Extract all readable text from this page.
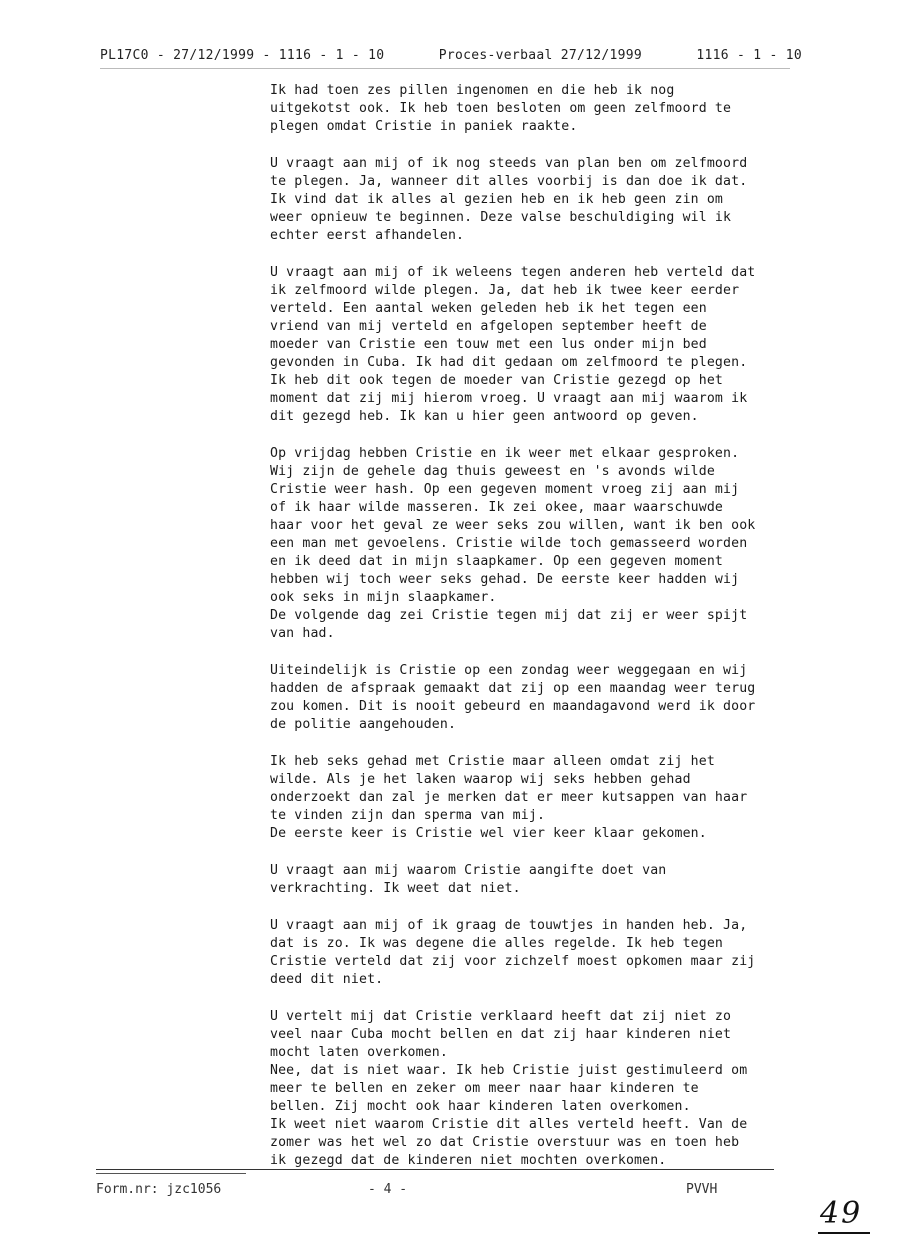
PL17C0 - 27/12/1999 - 1116 - 1 - 10	Proces-verbaal 27/12/1999	1116 - 1 - 10
Ik had toen zes pillen ingenomen en die heb ik nog
uitgekotst ook. Ik heb toen besloten om geen zelfmoord te
plegen omdat Cristie in paniek raakte.
U vraagt aan mij of ik nog steeds van plan ben om zelfmoord
te plegen. Ja, wanneer dit alles voorbij is dan doe ik dat.
Ik vind dat ik alles al gezien heb en ik heb geen zin om
weer opnieuw te beginnen. Deze valse beschuldiging wil ik
echter eerst afhandelen.
U vraagt aan mij of ik weleens tegen anderen heb verteld dat
ik zelfmoord wilde plegen. Ja, dat heb ik twee keer eerder
verteld. Een aantal weken geleden heb ik het tegen een
vriend van mij verteld en afgelopen september heeft de
moeder van Cristie een touw met een lus onder mijn bed
gevonden in Cuba. Ik had dit gedaan om zelfmoord te plegen.
Ik heb dit ook tegen de moeder van Cristie gezegd op het
moment dat zij mij hierom vroeg. U vraagt aan mij waarom ik
dit gezegd heb. Ik kan u hier geen antwoord op geven.
Op vrijdag hebben Cristie en ik weer met elkaar gesproken.
Wij zijn de gehele dag thuis geweest en 's avonds wilde
Cristie weer hash. Op een gegeven moment vroeg zij aan mij
of ik haar wilde masseren. Ik zei okee, maar waarschuwde
haar voor het geval ze weer seks zou willen, want ik ben ook
een man met gevoelens. Cristie wilde toch gemasseerd worden
en ik deed dat in mijn slaapkamer. Op een gegeven moment
hebben wij toch weer seks gehad. De eerste keer hadden wij
ook seks in mijn slaapkamer.
De volgende dag zei Cristie tegen mij dat zij er weer spijt
van had.
Uiteindelijk is Cristie op een zondag weer weggegaan en wij
hadden de afspraak gemaakt dat zij op een maandag weer terug
zou komen. Dit is nooit gebeurd en maandagavond werd ik door
de politie aangehouden.
Ik heb seks gehad met Cristie maar alleen omdat zij het
wilde. Als je het laken waarop wij seks hebben gehad
onderzoekt dan zal je merken dat er meer kutsappen van haar
te vinden zijn dan sperma van mij.
De eerste keer is Cristie wel vier keer klaar gekomen.
U vraagt aan mij waarom Cristie aangifte doet van
verkrachting. Ik weet dat niet.
U vraagt aan mij of ik graag de touwtjes in handen heb. Ja,
dat is zo. Ik was degene die alles regelde. Ik heb tegen
Cristie verteld dat zij voor zichzelf moest opkomen maar zij
deed dit niet.
U vertelt mij dat Cristie verklaard heeft dat zij niet zo
veel naar Cuba mocht bellen en dat zij haar kinderen niet
mocht laten overkomen.
Nee, dat is niet waar. Ik heb Cristie juist gestimuleerd om
meer te bellen en zeker om meer naar haar kinderen te
bellen. Zij mocht ook haar kinderen laten overkomen.
Ik weet niet waarom Cristie dit alles verteld heeft. Van de
zomer was het wel zo dat Cristie overstuur was en toen heb
ik gezegd dat de kinderen niet mochten overkomen.
Form.nr: jzc1056	- 4 -	PVVH
49
